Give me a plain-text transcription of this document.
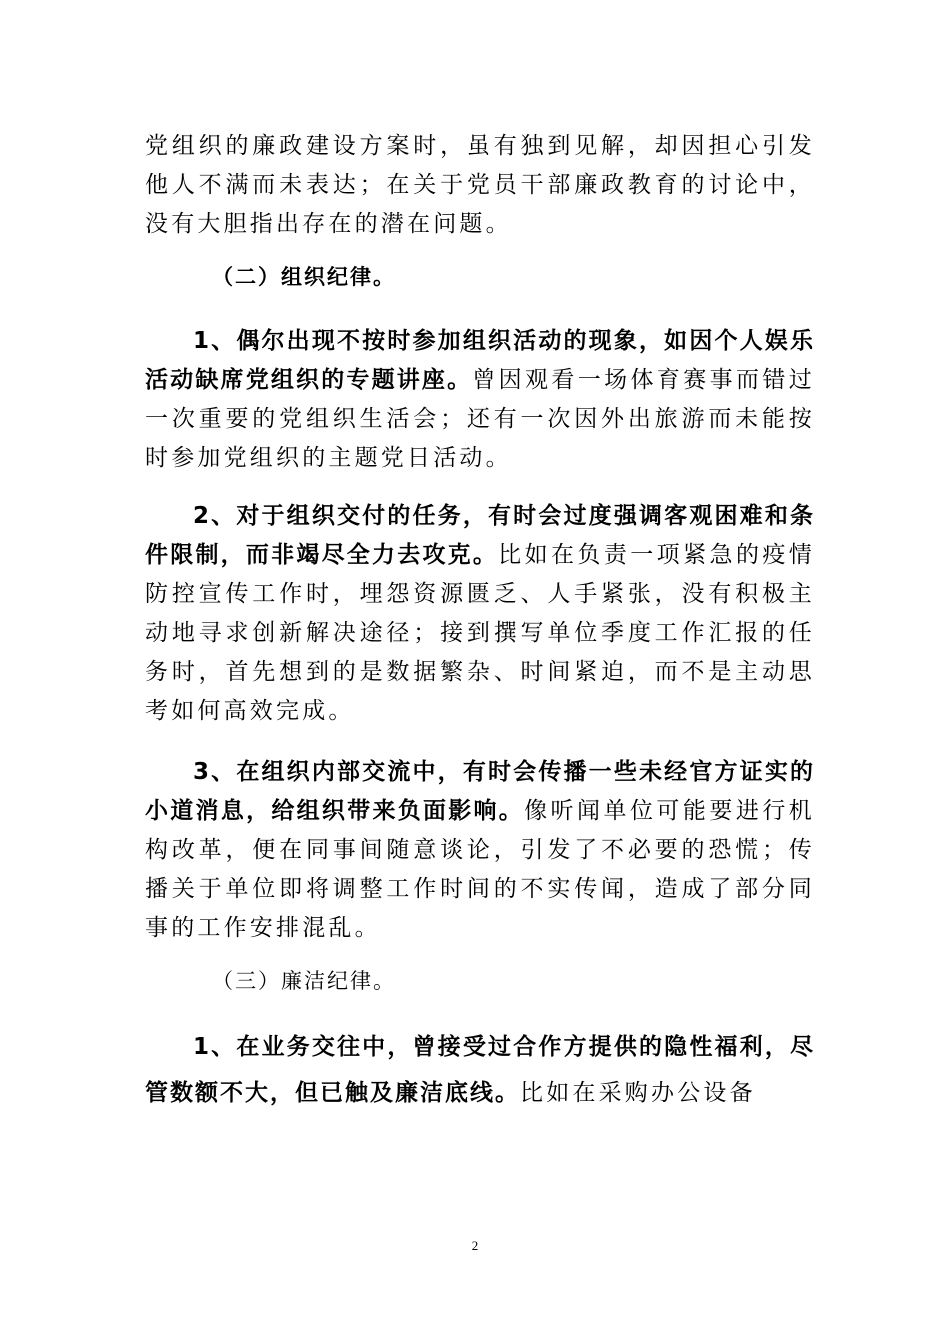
党组织的廉政建设方案时，虽有独到见解，却因担心引发他人不满而未表达；在关于党员干部廉政教育的讨论中，没有大胆指出存在的潜在问题。

（二）组织纪律。

1、偶尔出现不按时参加组织活动的现象，如因个人娱乐活动缺席党组织的专题讲座。曾因观看一场体育赛事而错过一次重要的党组织生活会；还有一次因外出旅游而未能按时参加党组织的主题党日活动。

2、对于组织交付的任务，有时会过度强调客观困难和条件限制，而非竭尽全力去攻克。比如在负责一项紧急的疫情防控宣传工作时，埋怨资源匮乏、人手紧张，没有积极主动地寻求创新解决途径；接到撰写单位季度工作汇报的任务时，首先想到的是数据繁杂、时间紧迫，而不是主动思考如何高效完成。

3、在组织内部交流中，有时会传播一些未经官方证实的小道消息，给组织带来负面影响。像听闻单位可能要进行机构改革，便在同事间随意谈论，引发了不必要的恐慌；传播关于单位即将调整工作时间的不实传闻，造成了部分同事的工作安排混乱。

（三）廉洁纪律。

1、在业务交往中，曾接受过合作方提供的隐性福利，尽管数额不大，但已触及廉洁底线。比如在采购办公设备

2
